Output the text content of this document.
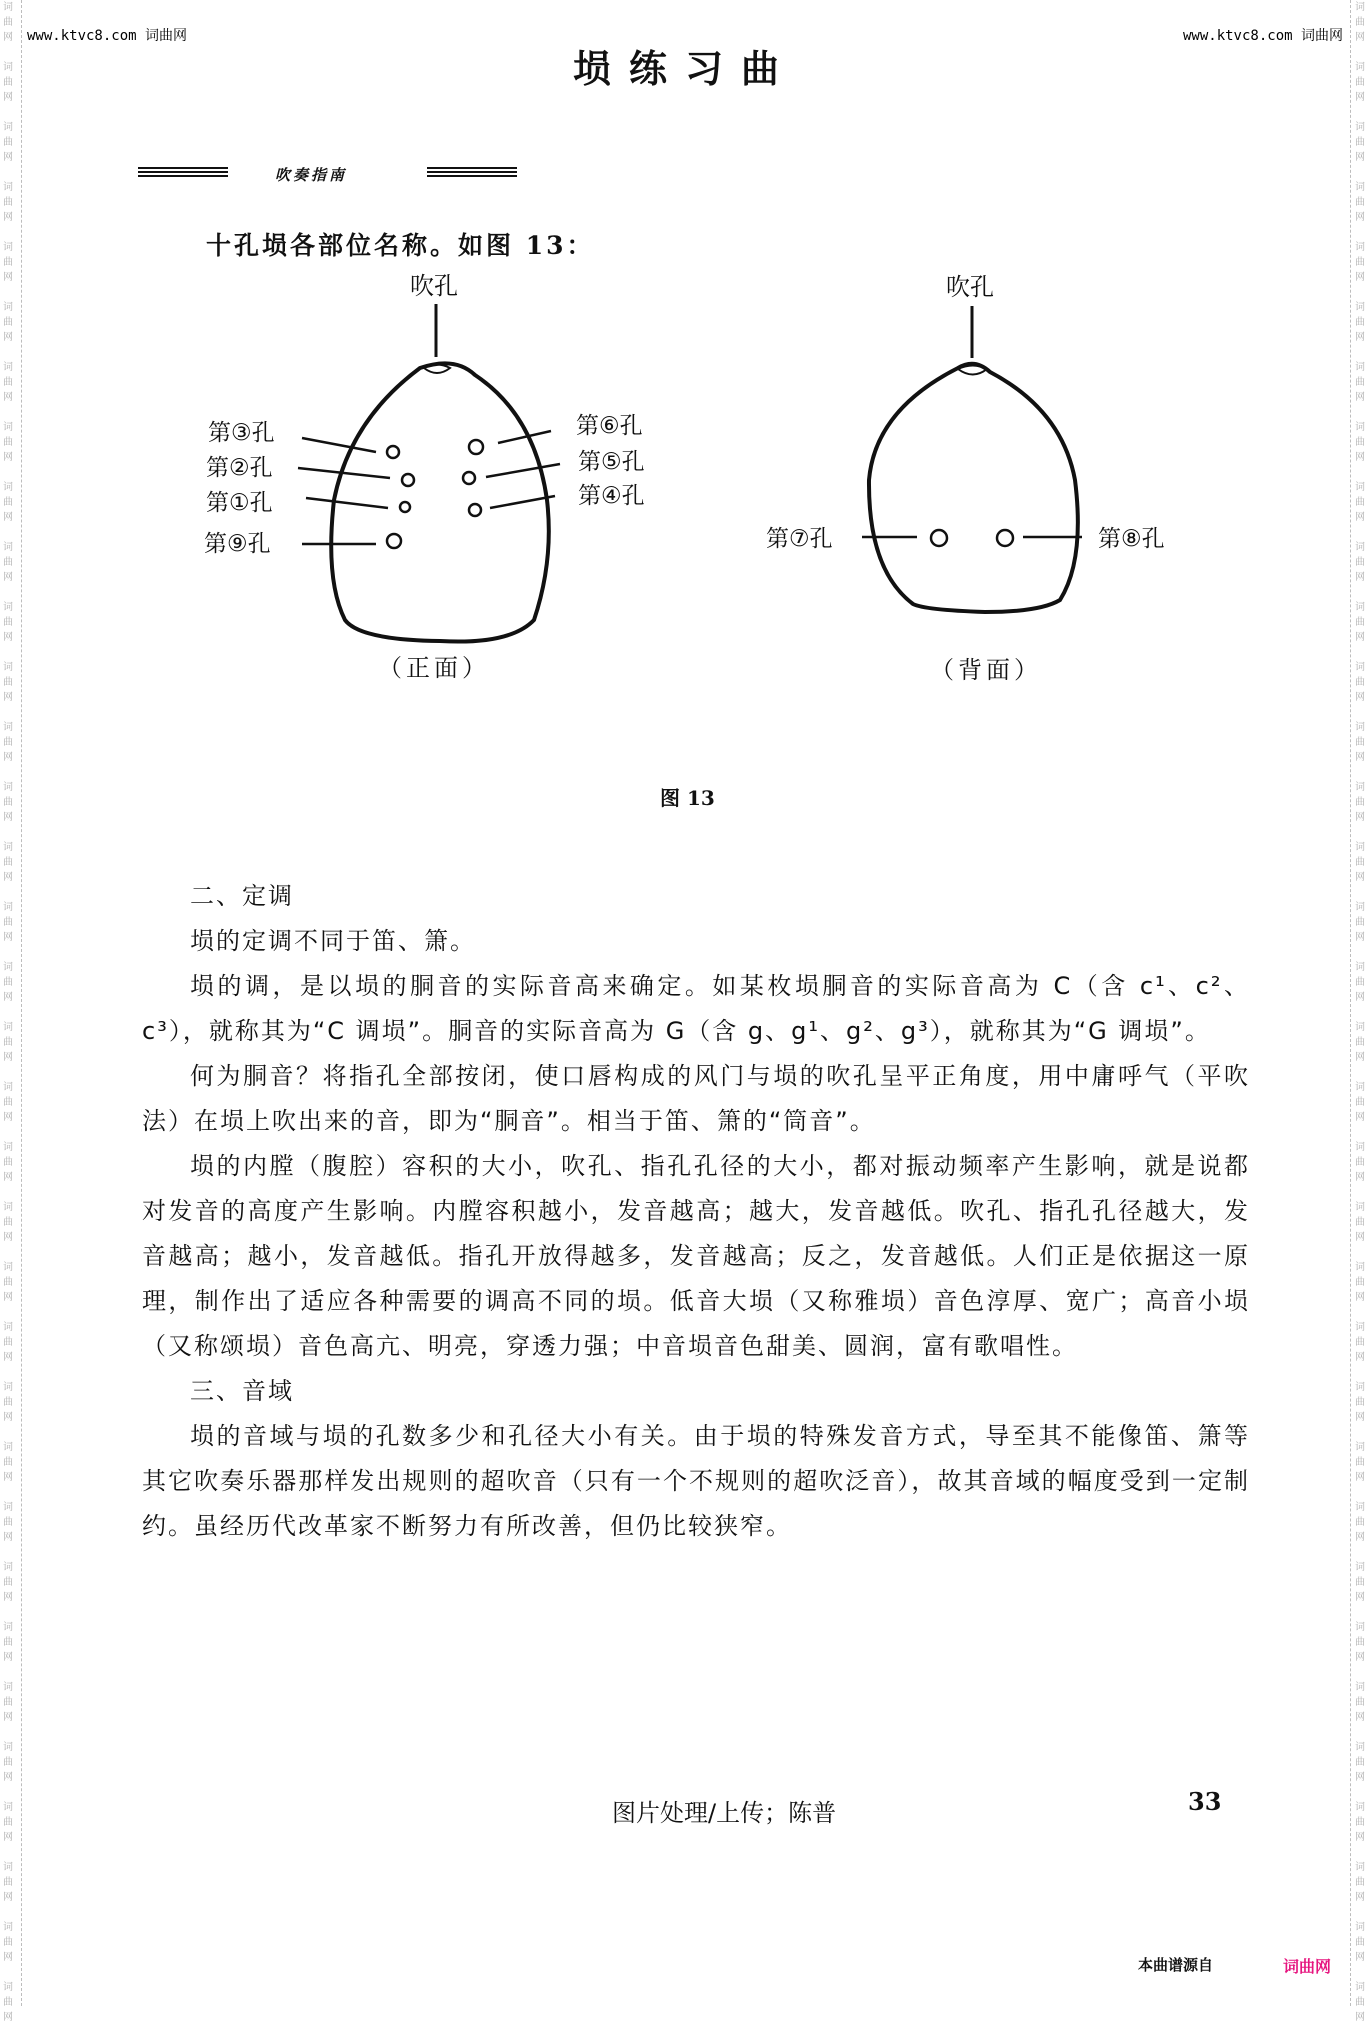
词
曲
网
词
曲
网
词
曲
网
词
曲
网
词
曲
网
词
曲
网
词
曲
网
词
曲
网
词
曲
网
词
曲
网
词
曲
网
词
曲
网
词
曲
网
词
曲
网
词
曲
网
词
曲
网
词
曲
网
词
曲
网
词
曲
网
词
曲
网
词
曲
网
词
曲
网
词
曲
网
词
曲
网
词
曲
网
词
曲
网
词
曲
网
词
曲
网
词
曲
网
词
曲
网
词
曲
网
词
曲
网
词
曲
网
词
曲
网
词
曲
网
词
曲
网
词
曲
网
词
曲
网
词
曲
网
词
曲
网
词
曲
网
词
曲
网
词
曲
网
词
曲
网
词
曲
网
词
曲
网
词
曲
网
词
曲
网
词
曲
网
词
曲
网
词
曲
网
词
曲
网
词
曲
网
词
曲
网
词
曲
网
词
曲
网
词
曲
网
词
曲
网
词
曲
网
词
曲
网
词
曲
网
词
曲
网
词
曲
网
词
曲
网
词
曲
网
词
曲
网
词
曲
网
词
曲
网
www.ktvc8.com 词曲网	www.ktvc8.com 词曲网
埙练习曲
吹奏指南
十孔埙各部位名称。如图 13：
吹孔
第③孔
第②孔
第①孔
第⑨孔
第⑥孔
第⑤孔
第④孔
吹孔
第⑦孔	第⑧孔
（正面）	（背面）
图 13

二、定调

埙的定调不同于笛、箫。

埙的调，是以埙的胴音的实际音高来确定。如某枚埙胴音的实际音高为 C（含 c¹、c²、c³），就称其为“C 调埙”。胴音的实际音高为 G（含 g、g¹、g²、g³），就称其为“G 调埙”。

何为胴音？将指孔全部按闭，使口唇构成的风门与埙的吹孔呈平正角度，用中庸呼气（平吹法）在埙上吹出来的音，即为“胴音”。相当于笛、箫的“筒音”。

埙的内膛（腹腔）容积的大小，吹孔、指孔孔径的大小，都对振动频率产生影响，就是说都对发音的高度产生影响。内膛容积越小，发音越高；越大，发音越低。吹孔、指孔孔径越大，发音越高；越小，发音越低。指孔开放得越多，发音越高；反之，发音越低。人们正是依据这一原理，制作出了适应各种需要的调高不同的埙。低音大埙（又称雅埙）音色淳厚、宽广；高音小埙（又称颂埙）音色高亢、明亮，穿透力强；中音埙音色甜美、圆润，富有歌唱性。

三、音域

埙的音域与埙的孔数多少和孔径大小有关。由于埙的特殊发音方式，导至其不能像笛、箫等其它吹奏乐器那样发出规则的超吹音（只有一个不规则的超吹泛音），故其音域的幅度受到一定制约。虽经历代改革家不断努力有所改善，但仍比较狭窄。

图片处理/上传；陈普	33
本曲谱源自	词曲网
